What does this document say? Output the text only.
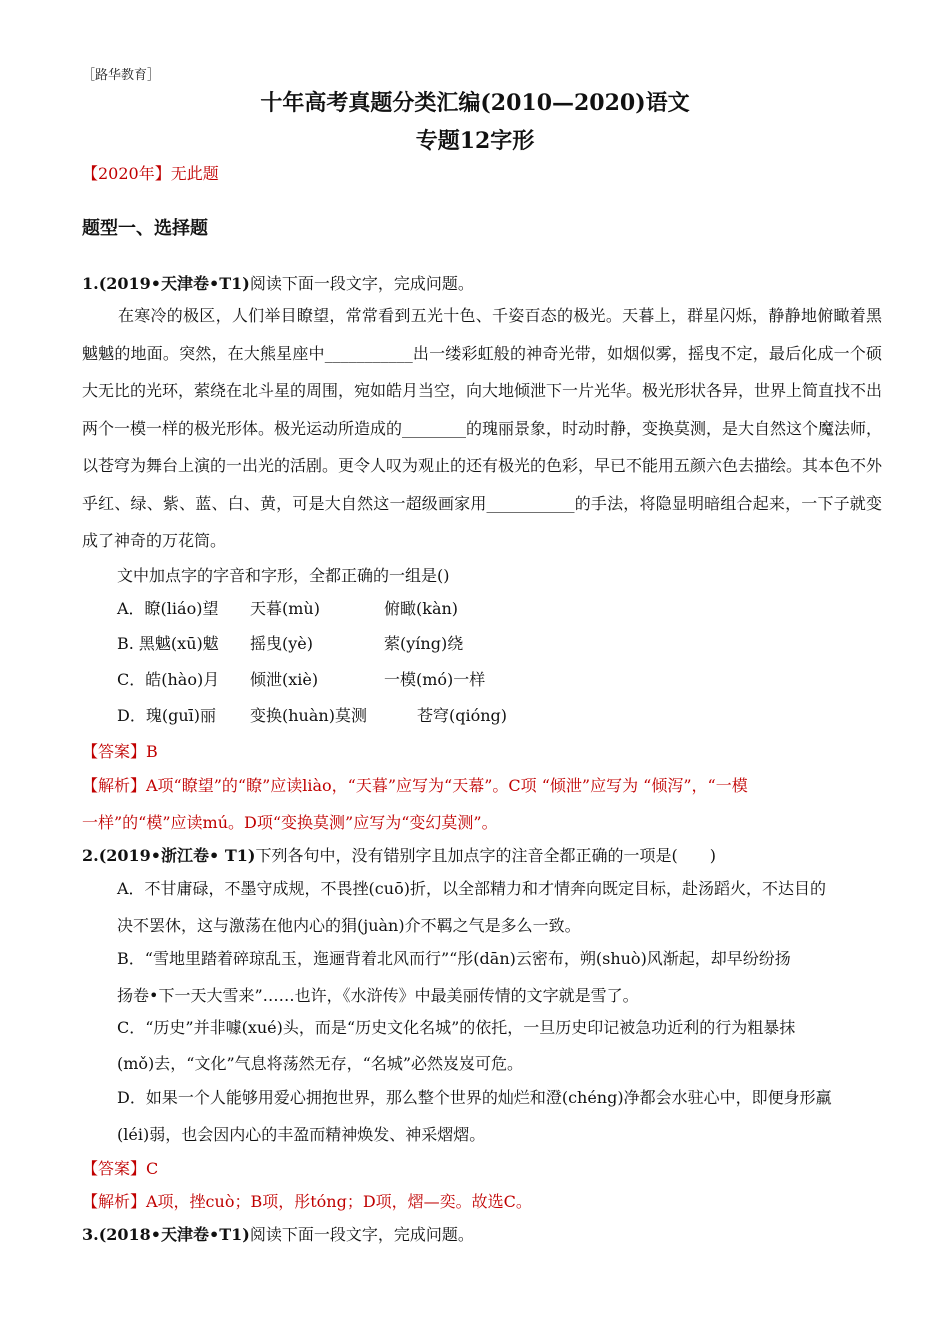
［路华教育］
十年高考真题分类汇编(2010—2020)语文
专题12字形
【2020年】无此题
题型一、选择题
1.(2019•天津卷•T1)阅读下面一段文字，完成问题。

在寒冷的极区，人们举目瞭望，常常看到五光十色、千姿百态的极光。天暮上，群星闪烁，静静地俯瞰着黑魆魆的地面。突然，在大熊星座中___________出一缕彩虹般的神奇光带，如烟似雾，摇曳不定，最后化成一个硕大无比的光环，萦绕在北斗星的周围，宛如皓月当空，向大地倾泄下一片光华。极光形状各异，世界上简直找不出两个一模一样的极光形体。极光运动所造成的________的瑰丽景象，时动时静，变换莫测，是大自然这个魔法师，以苍穹为舞台上演的一出光的活剧。更令人叹为观止的还有极光的色彩，早已不能用五颜六色去描绘。其本色不外乎红、绿、紫、蓝、白、黄，可是大自然这一超级画家用___________的手法，将隐显明暗组合起来，一下子就变成了神奇的万花筒。

文中加点字的字音和字形，全都正确的一组是()
A．瞭(liáo)望 天暮(mù)	俯瞰(kàn)
B. 黑魆(xū)魃 摇曳(yè)	萦(yíng)绕
C．皓(hào)月 倾泄(xiè)	一模(mó)一样
D．瑰(guī)丽 变换(huàn)莫测	苍穹(qióng)
【答案】B
【解析】A项“瞭望”的“瞭”应读liào，“天暮”应写为“天幕”。C项 “倾泄”应写为 “倾泻”，“一模
一样”的“模”应读mú。D项“变换莫测”应写为“变幻莫测”。
2.(2019•浙江卷• T1)下列各句中，没有错别字且加点字的注音全都正确的一项是(　　)
A．不甘庸碌，不墨守成规，不畏挫(cuō)折，以全部精力和才情奔向既定目标，赴汤蹈火，不达目的
决不罢休，这与激荡在他内心的狷(juàn)介不羁之气是多么一致。
B．“雪地里踏着碎琼乱玉，迤逦背着北风而行”“彤(dān)云密布，朔(shuò)风渐起，却早纷纷扬
扬卷•下一天大雪来”……也许，《水浒传》中最美丽传情的文字就是雪了。
C．“历史”并非噱(xué)头，而是“历史文化名城”的依托，一旦历史印记被急功近利的行为粗暴抹
(mǒ)去，“文化”气息将荡然无存，“名城”必然岌岌可危。
D．如果一个人能够用爱心拥抱世界，那么整个世界的灿烂和澄(chéng)净都会水驻心中，即便身形羸
(léi)弱，也会因内心的丰盈而精神焕发、神采熠熠。
【答案】C
【解析】A项，挫cuò；B项，彤tóng；D项，熠—奕。故选C。
3.(2018•天津卷•T1)阅读下面一段文字，完成问题。
